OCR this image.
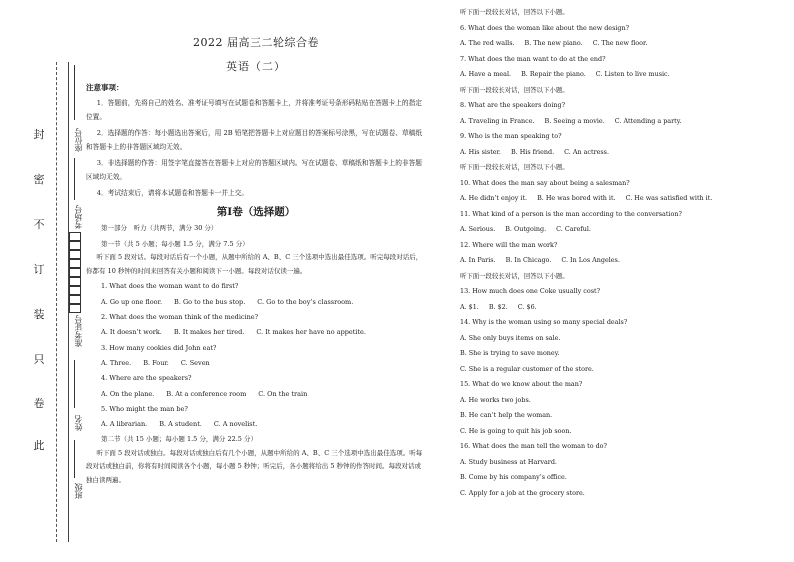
封
密
不
订
装
只
卷
此
座位号
考场号
准考证号
姓名
班级
2022 届高三二轮综合卷
英语（二）
注意事项：
1．答题前，先将自己的姓名、准考证号填写在试题卷和答题卡上，并将准考证号条形码粘贴在答题卡上的指定位置。
2．选择题的作答：每小题选出答案后，用 2B 铅笔把答题卡上对应题目的答案标号涂黑，写在试题卷、草稿纸和答题卡上的非答题区域均无效。
3．非选择题的作答：用签字笔直接答在答题卡上对应的答题区域内。写在试题卷、草稿纸和答题卡上的非答题区域均无效。
4．考试结束后，请将本试题卷和答题卡一并上交。
第Ⅰ卷（选择题）
第一部分　听力（共两节，满分 30 分）
第一节（共 5 小题；每小题 1.5 分，满分 7.5 分）
听下面 5 段对话。每段对话后有一个小题，从题中所给的 A、B、C 三个选项中选出最佳选项。听完每段对话后，你都有 10 秒钟的时间来回答有关小题和阅读下一小题。每段对话仅读一遍。
1. What does the woman want to do first?
A. Go up one floor. B. Go to the bus stop. C. Go to the boy’s classroom.
2. What does the woman think of the medicine?
A. It doesn’t work. B. It makes her tired. C. It makes her have no appetite.
3. How many cookies did John eat?
A. Three. B. Four. C. Seven
4. Where are the speakers?
A. On the plane. B. At a conference room C. On the train
5. Who might the man be?
A. A librarian. B. A student. C. A novelist.
第二节（共 15 小题；每小题 1.5 分，满分 22.5 分）
听下面 5 段对话或独白。每段对话或独白后有几个小题，从题中所给的 A、B、C 三个选项中选出最佳选项。听每段对话或独白前，你将有时间阅读各个小题，每小题 5 秒钟；听完后，各小题将给出 5 秒钟的作答时间。每段对话或独白读两遍。
听下面一段较长对话，回答以下小题。
6. What does the woman like about the new design?
A. The red walls. B. The new piano. C. The new floor.
7. What does the man want to do at the end?
A. Have a meal. B. Repair the piano. C. Listen to live music.
听下面一段较长对话，回答以下小题。
8. What are the speakers doing?
A. Traveling in France. B. Seeing a movie. C. Attending a party.
9. Who is the man speaking to?
A. His sister. B. His friend. C. An actress.
听下面一段较长对话，回答以下小题。
10. What does the man say about being a salesman?
A. He didn’t enjoy it. B. He was bored with it. C. He was satisfied with it.
11. What kind of a person is the man according to the conversation?
A. Serious. B. Outgoing. C. Careful.
12. Where will the man work?
A. In Paris. B. In Chicago. C. In Los Angeles.
听下面一段较长对话，回答以下小题。
13. How much does one Coke usually cost?
A. $1. B. $2. C. $6.
14. Why is the woman using so many special deals?
A. She only buys items on sale.
B. She is trying to save money.
C. She is a regular customer of the store.
15. What do we know about the man?
A. He works two jobs.
B. He can’t help the woman.
C. He is going to quit his job soon.
16. What does the man tell the woman to do?
A. Study business at Harvard.
B. Come by his company’s office.
C. Apply for a job at the grocery store.
